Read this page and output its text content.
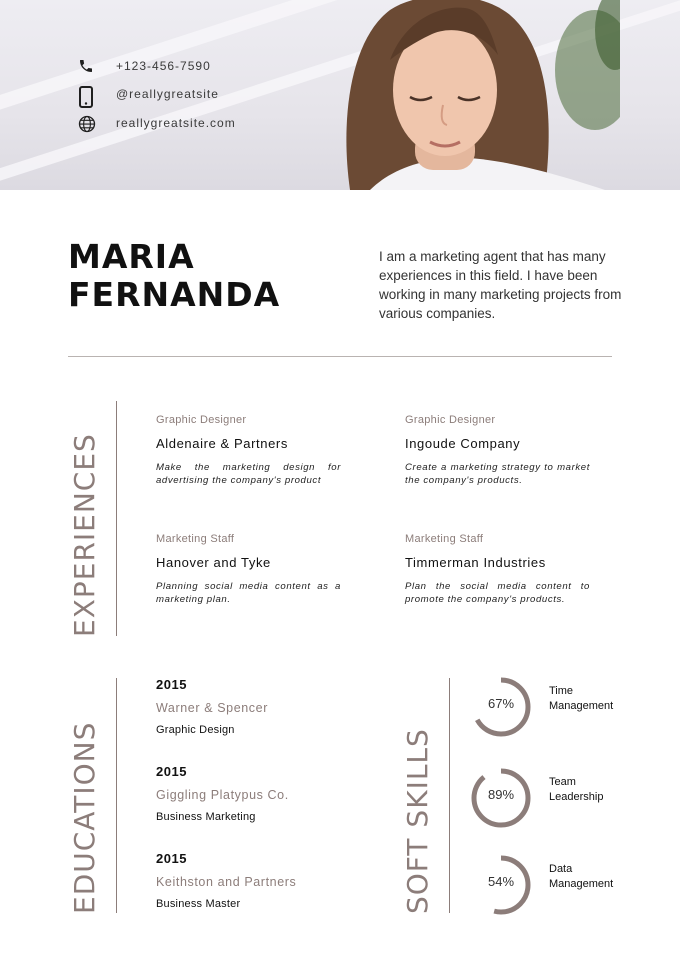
+123-456-7590
@reallygreatsite
reallygreatsite.com
MARIA
FERNANDA
I am a marketing agent that has many experiences in this field. I have been working in many marketing projects from various companies.
EXPERIENCES
Graphic Designer
Aldenaire & Partners
Make the marketing design for advertising the company's product
Graphic Designer
Ingoude Company
Create a marketing strategy to market the company's products.
Marketing Staff
Hanover and Tyke
Planning social media content as a marketing plan.
Marketing Staff
Timmerman Industries
Plan the social media content to promote the company's products.
EDUCATIONS
2015
Warner & Spencer
Graphic Design
2015
Giggling Platypus Co.
Business Marketing
2015
Keithston and Partners
Business Master	SOFT SKILLS
67%
Time
Management
89%
Team
Leadership
54%
Data
Management
